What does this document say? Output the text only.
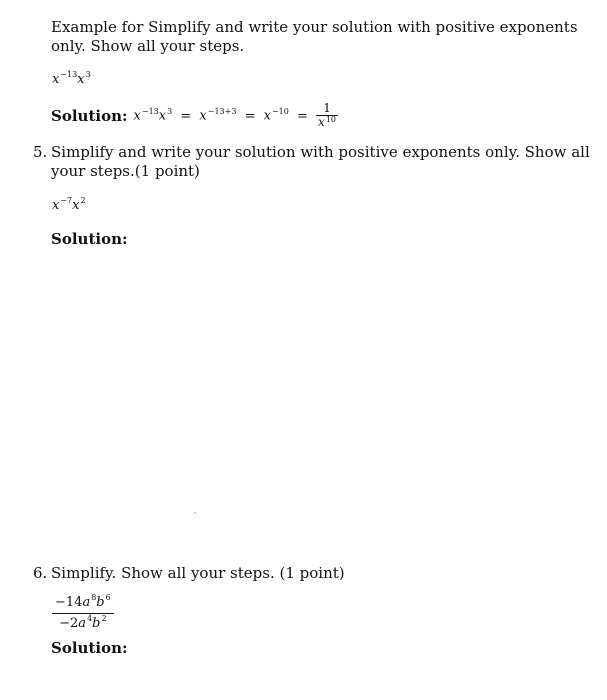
Example for Simplify and write your solution with positive exponents only. Show all your steps.
$x^{-13}x^3$
Solution: $x^{-13}x^3 = x^{-13+3} = x^{-10} = \frac{1}{x^{10}}$
5. Simplify and write your solution with positive exponents only. Show all your steps.(1 point)
$x^{-7}x^2$
Solution:
6. Simplify. Show all your steps. (1 point)
$\frac{-14a^8b^6}{-2a^4b^2}$
Solution:
